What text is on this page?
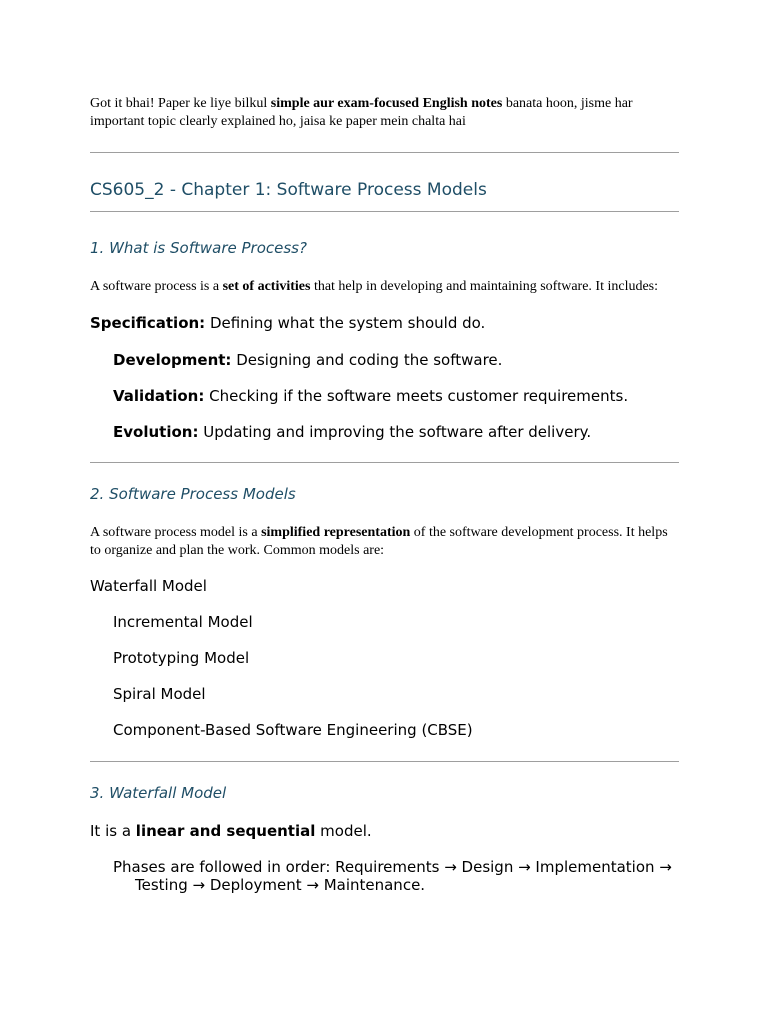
Got it bhai! Paper ke liye bilkul simple aur exam-focused English notes banata hoon, jisme har important topic clearly explained ho, jaisa ke paper mein chalta hai

CS605_2 - Chapter 1: Software Process Models
1. What is Software Process?

A software process is a set of activities that help in developing and maintaining software. It includes:

Specification: Defining what the system should do.

Development: Designing and coding the software.

Validation: Checking if the software meets customer requirements.

Evolution: Updating and improving the software after delivery.

2. Software Process Models

A software process model is a simplified representation of the software development process. It helps to organize and plan the work. Common models are:

Waterfall Model

Incremental Model

Prototyping Model

Spiral Model

Component-Based Software Engineering (CBSE)

3. Waterfall Model

It is a linear and sequential model.

Phases are followed in order: Requirements → Design → Implementation →
Testing → Deployment → Maintenance.
